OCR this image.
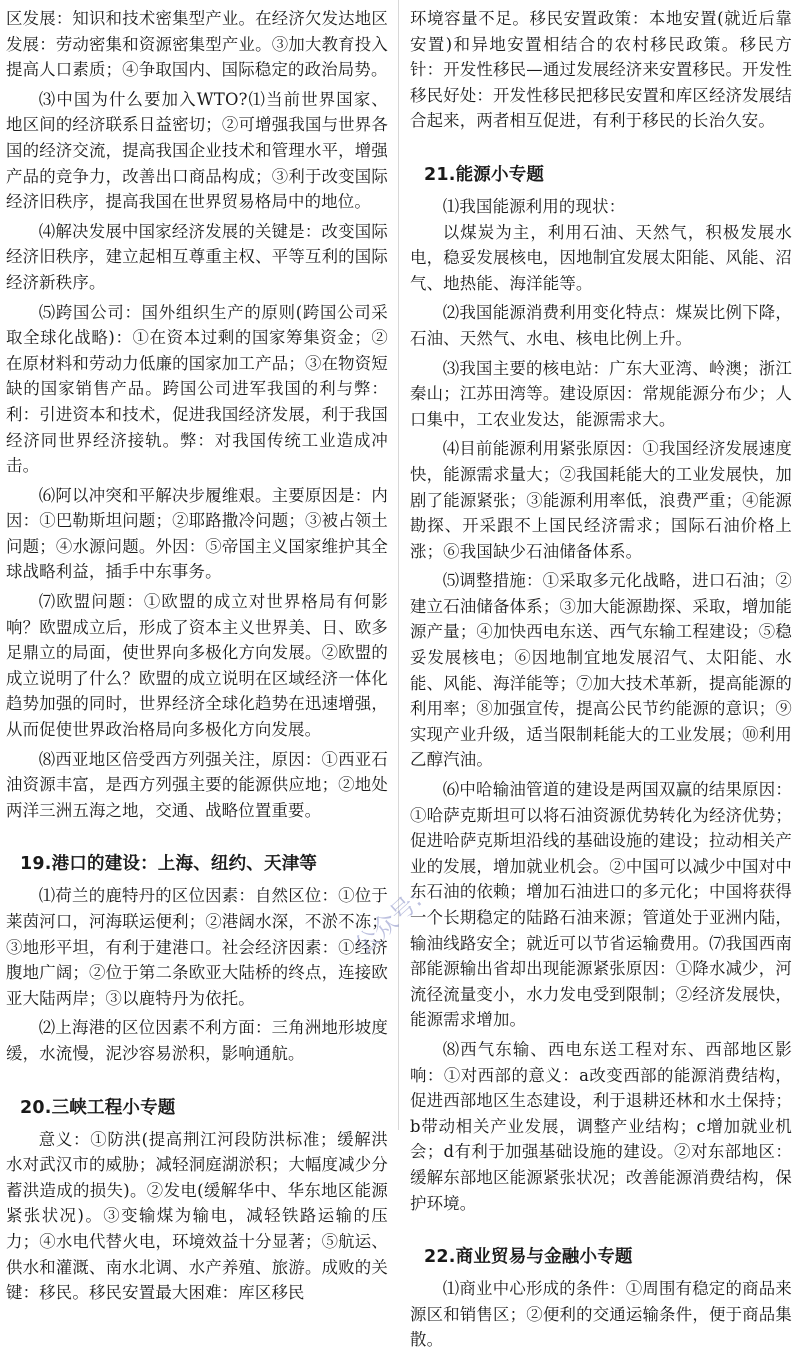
区发展：知识和技术密集型产业。在经济欠发达地区发展：劳动密集和资源密集型产业。③加大教育投入提高人口素质；④争取国内、国际稳定的政治局势。

⑶中国为什么要加入WTO?⑴当前世界国家、地区间的经济联系日益密切；②可增强我国与世界各国的经济交流，提高我国企业技术和管理水平，增强产品的竞争力，改善出口商品构成；③利于改变国际经济旧秩序，提高我国在世界贸易格局中的地位。

⑷解决发展中国家经济发展的关键是：改变国际经济旧秩序，建立起相互尊重主权、平等互利的国际经济新秩序。

⑸跨国公司：国外组织生产的原则(跨国公司采取全球化战略)：①在资本过剩的国家筹集资金；②在原材料和劳动力低廉的国家加工产品；③在物资短缺的国家销售产品。跨国公司进军我国的利与弊：利：引进资本和技术，促进我国经济发展，利于我国经济同世界经济接轨。弊：对我国传统工业造成冲击。

⑹阿以冲突和平解决步履维艰。主要原因是：内因：①巴勒斯坦问题；②耶路撒冷问题；③被占领土问题；④水源问题。外因：⑤帝国主义国家维护其全球战略利益，插手中东事务。

⑺欧盟问题：①欧盟的成立对世界格局有何影响？欧盟成立后，形成了资本主义世界美、日、欧多足鼎立的局面，使世界向多极化方向发展。②欧盟的成立说明了什么？欧盟的成立说明在区域经济一体化趋势加强的同时，世界经济全球化趋势在迅速增强，从而促使世界政治格局向多极化方向发展。

⑻西亚地区倍受西方列强关注，原因：①西亚石油资源丰富，是西方列强主要的能源供应地；②地处两洋三洲五海之地，交通、战略位置重要。

19.港口的建设：上海、纽约、天津等

⑴荷兰的鹿特丹的区位因素：自然区位：①位于莱茵河口，河海联运便利；②港阔水深，不淤不冻；③地形平坦，有利于建港口。社会经济因素：①经济腹地广阔；②位于第二条欧亚大陆桥的终点，连接欧亚大陆两岸；③以鹿特丹为依托。

⑵上海港的区位因素不利方面：三角洲地形坡度缓，水流慢，泥沙容易淤积，影响通航。

20.三峡工程小专题

意义：①防洪(提高荆江河段防洪标准；缓解洪水对武汉市的威胁；减轻洞庭湖淤积；大幅度减少分蓄洪造成的损失)。②发电(缓解华中、华东地区能源紧张状况)。③变输煤为输电，减轻铁路运输的压力；④水电代替火电，环境效益十分显著；⑤航运、供水和灌溉、南水北调、水产养殖、旅游。成败的关键：移民。移民安置最大困难：库区移民

环境容量不足。移民安置政策：本地安置(就近后靠安置)和异地安置相结合的农村移民政策。移民方针：开发性移民—通过发展经济来安置移民。开发性移民好处：开发性移民把移民安置和库区经济发展结合起来，两者相互促进，有利于移民的长治久安。

21.能源小专题

⑴我国能源利用的现状：

以煤炭为主，利用石油、天然气，积极发展水电，稳妥发展核电，因地制宜发展太阳能、风能、沼气、地热能、海洋能等。

⑵我国能源消费利用变化特点：煤炭比例下降，石油、天然气、水电、核电比例上升。

⑶我国主要的核电站：广东大亚湾、岭澳；浙江秦山；江苏田湾等。建设原因：常规能源分布少；人口集中，工农业发达，能源需求大。

⑷目前能源利用紧张原因：①我国经济发展速度快，能源需求量大；②我国耗能大的工业发展快，加剧了能源紧张；③能源利用率低，浪费严重；④能源勘探、开采跟不上国民经济需求；国际石油价格上涨；⑥我国缺少石油储备体系。

⑸调整措施：①采取多元化战略，进口石油；②建立石油储备体系；③加大能源勘探、采取，增加能源产量；④加快西电东送、西气东输工程建设；⑤稳妥发展核电；⑥因地制宜地发展沼气、太阳能、水能、风能、海洋能等；⑦加大技术革新，提高能源的利用率；⑧加强宣传，提高公民节约能源的意识；⑨实现产业升级，适当限制耗能大的工业发展；⑩利用乙醇汽油。

⑹中哈输油管道的建设是两国双赢的结果原因：①哈萨克斯坦可以将石油资源优势转化为经济优势；促进哈萨克斯坦沿线的基础设施的建设；拉动相关产业的发展，增加就业机会。②中国可以减少中国对中东石油的依赖；增加石油进口的多元化；中国将获得一个长期稳定的陆路石油来源；管道处于亚洲内陆，输油线路安全；就近可以节省运输费用。⑺我国西南部能源输出省却出现能源紧张原因：①降水减少，河流径流量变小，水力发电受到限制；②经济发展快，能源需求增加。

⑻西气东输、西电东送工程对东、西部地区影响：①对西部的意义：a改变西部的能源消费结构，促进西部地区生态建设，利于退耕还林和水土保持；b带动相关产业发展，调整产业结构；c增加就业机会；d有利于加强基础设施的建设。②对东部地区：缓解东部地区能源紧张状况；改善能源消费结构，保护环境。

22.商业贸易与金融小专题

⑴商业中心形成的条件：①周围有稳定的商品来源区和销售区；②便利的交通运输条件，便于商品集散。

公众号:
